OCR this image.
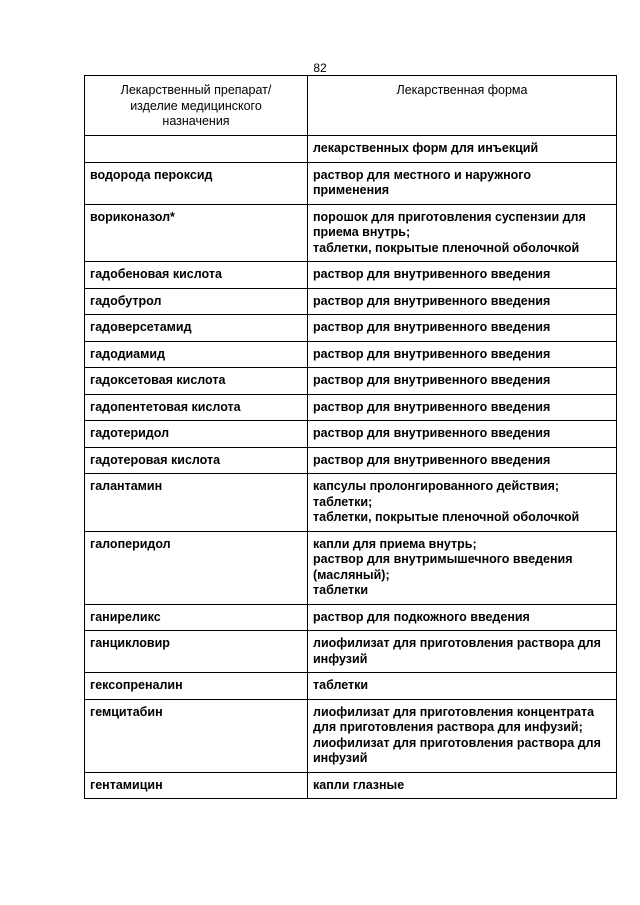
82
Лекарственный препарат/
изделие медицинского
назначения	Лекарственная форма

	лекарственных форм для инъекций

водорода пероксид	раствор для местного и наружного
применения

вориконазол*	порошок для приготовления суспензии для
приема внутрь;
таблетки, покрытые пленочной оболочкой

гадобеновая кислота	раствор для внутривенного введения

гадобутрол	раствор для внутривенного введения

гадоверсетамид	раствор для внутривенного введения

гадодиамид	раствор для внутривенного введения

гадоксетовая кислота	раствор для внутривенного введения

гадопентетовая кислота	раствор для внутривенного введения

гадотеридол	раствор для внутривенного введения

гадотеровая кислота	раствор для внутривенного введения

галантамин	капсулы пролонгированного действия;
таблетки;
таблетки, покрытые пленочной оболочкой

галоперидол	капли для приема внутрь;
раствор для внутримышечного введения
(масляный);
таблетки

ганиреликс	раствор для подкожного введения

ганцикловир	лиофилизат для приготовления раствора для
инфузий

гексопреналин	таблетки

гемцитабин	лиофилизат для приготовления концентрата
для приготовления раствора для инфузий;
лиофилизат для приготовления раствора для
инфузий

гентамицин	капли глазные
